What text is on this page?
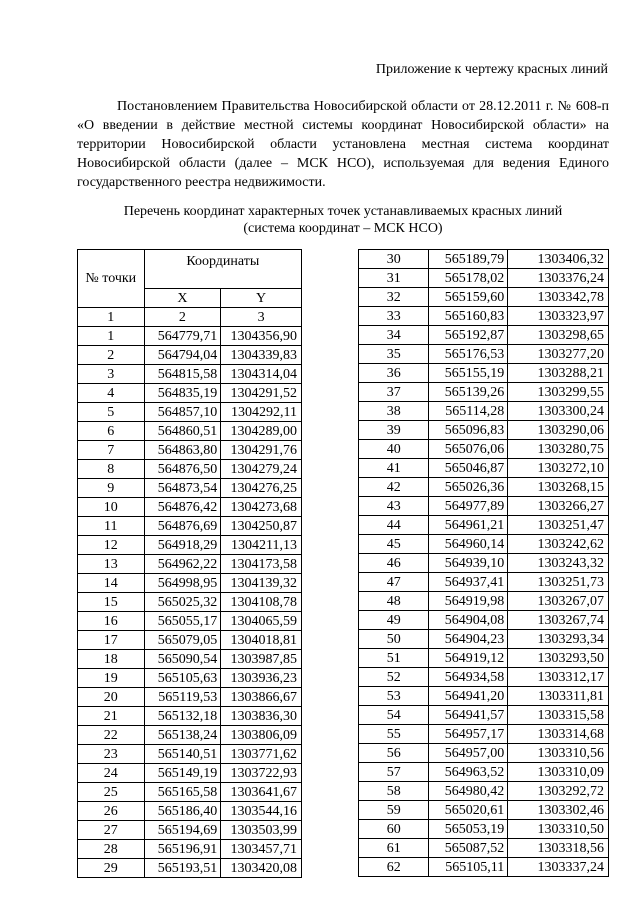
Приложение к чертежу красных линий

Постановлением Правительства Новосибирской области от 28.12.2011 г. № 608-п «О введении в действие местной системы координат Новосибирской области» на территории Новосибирской области установлена местная система координат Новосибирской области (далее – МСК НСО), используемая для ведения Единого государственного реестра недвижимости.

Перечень координат характерных точек устанавливаемых красных линий
(система координат – МСК НСО)
№ точки	Координаты	
	X	Y
1	2	3
1	564779,71	1304356,90
2	564794,04	1304339,83
3	564815,58	1304314,04
4	564835,19	1304291,52
5	564857,10	1304292,11
6	564860,51	1304289,00
7	564863,80	1304291,76
8	564876,50	1304279,24
9	564873,54	1304276,25
10	564876,42	1304273,68
11	564876,69	1304250,87
12	564918,29	1304211,13
13	564962,22	1304173,58
14	564998,95	1304139,32
15	565025,32	1304108,78
16	565055,17	1304065,59
17	565079,05	1304018,81
18	565090,54	1303987,85
19	565105,63	1303936,23
20	565119,53	1303866,67
21	565132,18	1303836,30
22	565138,24	1303806,09
23	565140,51	1303771,62
24	565149,19	1303722,93
25	565165,58	1303641,67
26	565186,40	1303544,16
27	565194,69	1303503,99
28	565196,91	1303457,71
29	565193,51	1303420,08
30	565189,79	1303406,32
31	565178,02	1303376,24
32	565159,60	1303342,78
33	565160,83	1303323,97
34	565192,87	1303298,65
35	565176,53	1303277,20
36	565155,19	1303288,21
37	565139,26	1303299,55
38	565114,28	1303300,24
39	565096,83	1303290,06
40	565076,06	1303280,75
41	565046,87	1303272,10
42	565026,36	1303268,15
43	564977,89	1303266,27
44	564961,21	1303251,47
45	564960,14	1303242,62
46	564939,10	1303243,32
47	564937,41	1303251,73
48	564919,98	1303267,07
49	564904,08	1303267,74
50	564904,23	1303293,34
51	564919,12	1303293,50
52	564934,58	1303312,17
53	564941,20	1303311,81
54	564941,57	1303315,58
55	564957,17	1303314,68
56	564957,00	1303310,56
57	564963,52	1303310,09
58	564980,42	1303292,72
59	565020,61	1303302,46
60	565053,19	1303310,50
61	565087,52	1303318,56
62	565105,11	1303337,24
